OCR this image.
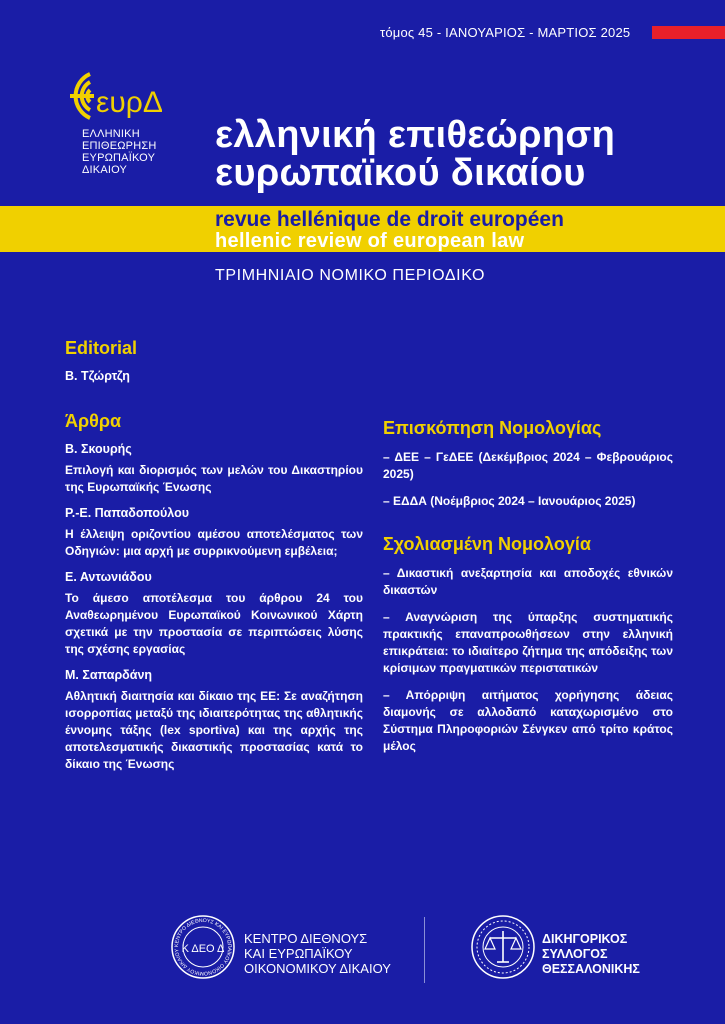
τόμος 45 - ΙΑΝΟΥΑΡΙΟΣ - ΜΑΡΤΙΟΣ 2025
ευρΔ
ΕΛΛΗΝΙΚΗ
ΕΠΙΘΕΩΡΗΣΗ
ΕΥΡΩΠΑΪΚΟΥ
ΔΙΚΑΙΟΥ
ελληνική επιθεώρηση
ευρωπαϊκού δικαίου
revue hellénique de droit européen
hellenic review of european law
ΤΡΙΜΗΝΙΑΙΟ ΝΟΜΙΚΟ ΠΕΡΙΟΔΙΚΟ
Editorial
Β. Τζώρτζη
Άρθρα
Β. Σκουρής
Επιλογή και διορισμός των μελών του Δικαστηρίου της Ευρωπαϊκής Ένωσης
Ρ.-Ε. Παπαδοπούλου
Η έλλειψη οριζοντίου αμέσου αποτελέσματος των Οδηγιών: μια αρχή με συρρικνούμενη εμβέλεια;
Ε. Αντωνιάδου
Το άμεσο αποτέλεσμα του άρθρου 24 του Αναθεωρημένου Ευρωπαϊκού Κοινωνικού Χάρτη σχετικά με την προστασία σε περιπτώσεις λύσης της σχέσης εργασίας
Μ. Σαπαρδάνη
Αθλητική διαιτησία και δίκαιο της ΕΕ: Σε αναζήτηση ισορροπίας μεταξύ της ιδιαιτερότητας της αθλητικής έννομης τάξης (lex sportiva) και της αρχής της αποτελεσματικής δικαστικής προστασίας κατά το δίκαιο της Ένωσης
Επισκόπηση Νομολογίας
– ΔΕΕ – ΓεΔΕΕ (Δεκέμβριος 2024 – Φεβρουάριος 2025)
– ΕΔΔΑ (Νοέμβριος 2024 – Ιανουάριος 2025)
Σχολιασμένη Νομολογία
– Δικαστική ανεξαρτησία και αποδοχές εθνικών δικαστών
– Αναγνώριση της ύπαρξης συστηματικής πρακτικής επαναπροωθήσεων στην ελληνική επικράτεια: το ιδιαίτερο ζήτημα της απόδειξης των κρίσιμων πραγματικών περιστατικών
– Απόρριψη αιτήματος χορήγησης άδειας διαμονής σε αλλοδαπό καταχωρισμένο στο Σύστημα Πληροφοριών Σένγκεν από τρίτο κράτος μέλος
ΚΕΝΤΡΟ ΔΙΕΘΝΟΥΣ ΚΑΙ ΕΥΡΩΠΑΪΚΟΥ ΟΙΚΟΝΟΜΙΚΟΥ ΔΙΚΑΙΟΥ Κ ΔΕΟ Δ
ΚΕΝΤΡΟ ΔΙΕΘΝΟΥΣ
ΚΑΙ ΕΥΡΩΠΑΪΚΟΥ
ΟΙΚΟΝΟΜΙΚΟΥ ΔΙΚΑΙΟΥ
ΔΙΚΗΓΟΡΙΚΟΣ
ΣΥΛΛΟΓΟΣ
ΘΕΣΣΑΛΟΝΙΚΗΣ
